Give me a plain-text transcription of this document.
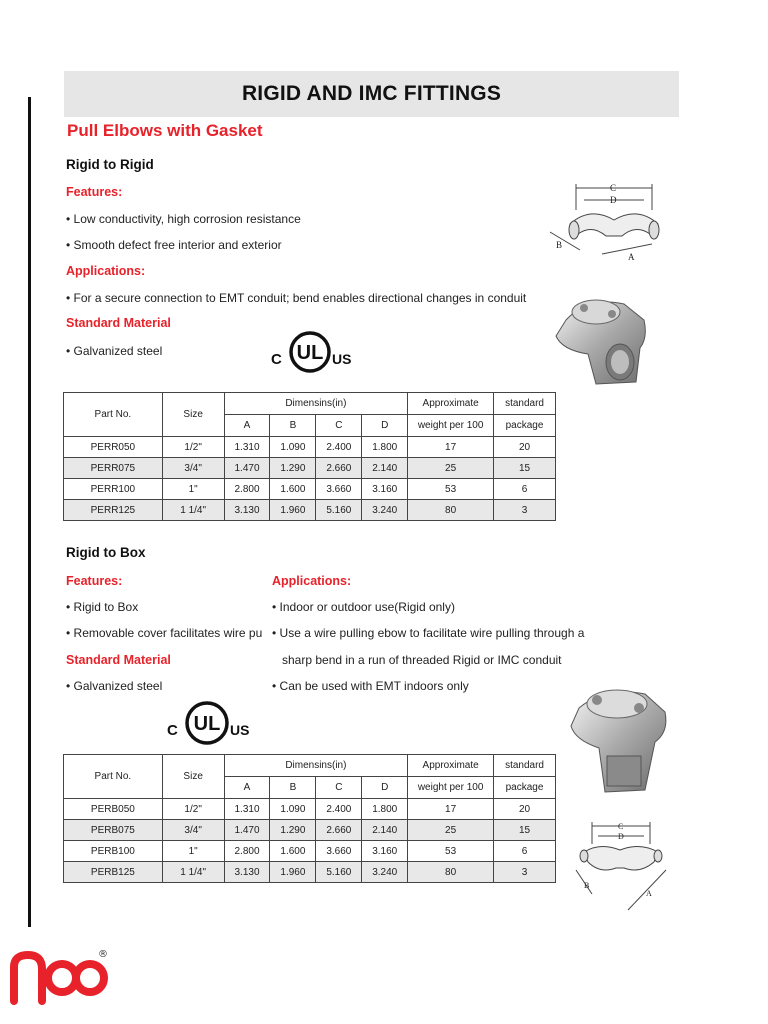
RIGID AND IMC FITTINGS
Pull Elbows with Gasket
Rigid to Rigid
Features:
• Low conductivity, high corrosion resistance
• Smooth defect free interior and exterior
Applications:
• For a secure connection to EMT conduit; bend enables directional changes in conduit
Standard Material
• Galvanized steel	C UL US
C
D
B
A
Part No.	Size	Dimensins(in)				Approximate	standard
		A	B	C	D	weight per 100	package
PERR050	1/2"	1.310	1.090	2.400	1.800	17	20
PERR075	3/4"	1.470	1.290	2.660	2.140	25	15
PERR100	1"	2.800	1.600	3.660	3.160	53	6
PERR125	1 1/4"	3.130	1.960	5.160	3.240	80	3
Rigid to Box
Features:	Applications:
• Rigid to Box
• Removable cover facilitates wire pu
• Indoor or outdoor use(Rigid only)
• Use a wire pulling ebow to facilitate wire pulling through a
sharp bend in a run of threaded Rigid or IMC conduit
• Can be used with EMT indoors only
Standard Material
• Galvanized steel
C UL US
C
D
B
A
Part No.	Size	Dimensins(in)				Approximate	standard
		A	B	C	D	weight per 100	package
PERB050	1/2"	1.310	1.090	2.400	1.800	17	20
PERB075	3/4"	1.470	1.290	2.660	2.140	25	15
PERB100	1"	2.800	1.600	3.660	3.160	53	6
PERB125	1 1/4"	3.130	1.960	5.160	3.240	80	3
®
